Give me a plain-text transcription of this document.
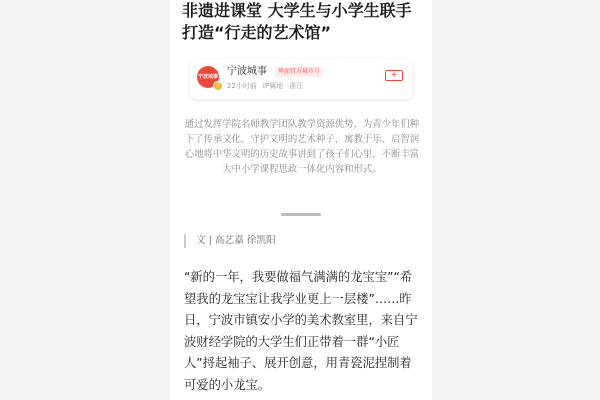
非遗进课堂 大学生与小学生联手打造“行走的艺术馆”
宁波城事
✓
宁波城事	界面官方城市号
22小时前 IP属地 浙江
+

通过发挥学院名师教学团队教学资源优势，为青少年们种下了传承文化、守护文明的艺术种子，寓教于乐、启智润心地将中华文明的历史故事讲到了孩子们心里，不断丰富大中小学课程思政一体化内容和形式。

文 | 高艺嘉 徐凯阳

“新的一年，我要做福气满满的龙宝宝”“希望我的龙宝宝让我学业更上一层楼”……昨日，宁波市镇安小学的美术教室里，来自宁波财经学院的大学生们正带着一群“小匠人”捋起袖子、展开创意，用青瓷泥捏制着可爱的小龙宝。
